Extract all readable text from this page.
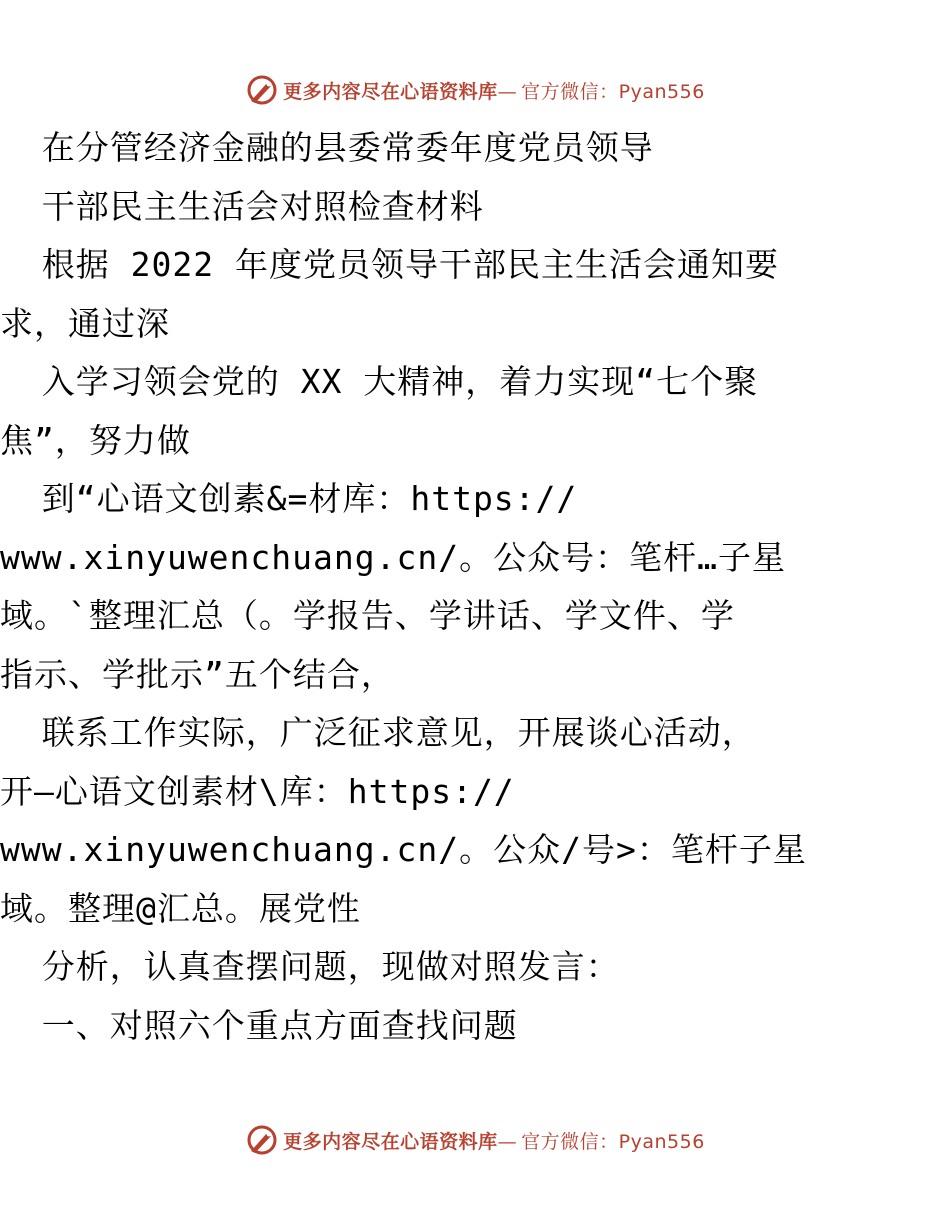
更多内容尽在心语资料库— 官方微信：Pyan556
在分管经济金融的县委常委年度党员领导
干部民主生活会对照检查材料
根据 2022 年度党员领导干部民主生活会通知要
求，通过深
入学习领会党的 XX 大精神，着力实现“七个聚
焦”，努力做
到“心语文创素&=材库：https://
www.xinyuwenchuang.cn/。公众号：笔杆…子星
域。`整理汇总（。学报告、学讲话、学文件、学
指示、学批示”五个结合，
联系工作实际，广泛征求意见，开展谈心活动，
开—心语文创素材\库：https://
www.xinyuwenchuang.cn/。公众/号>：笔杆子星
域。整理@汇总。展党性
分析，认真查摆问题，现做对照发言：
一、对照六个重点方面查找问题
更多内容尽在心语资料库— 官方微信：Pyan556
